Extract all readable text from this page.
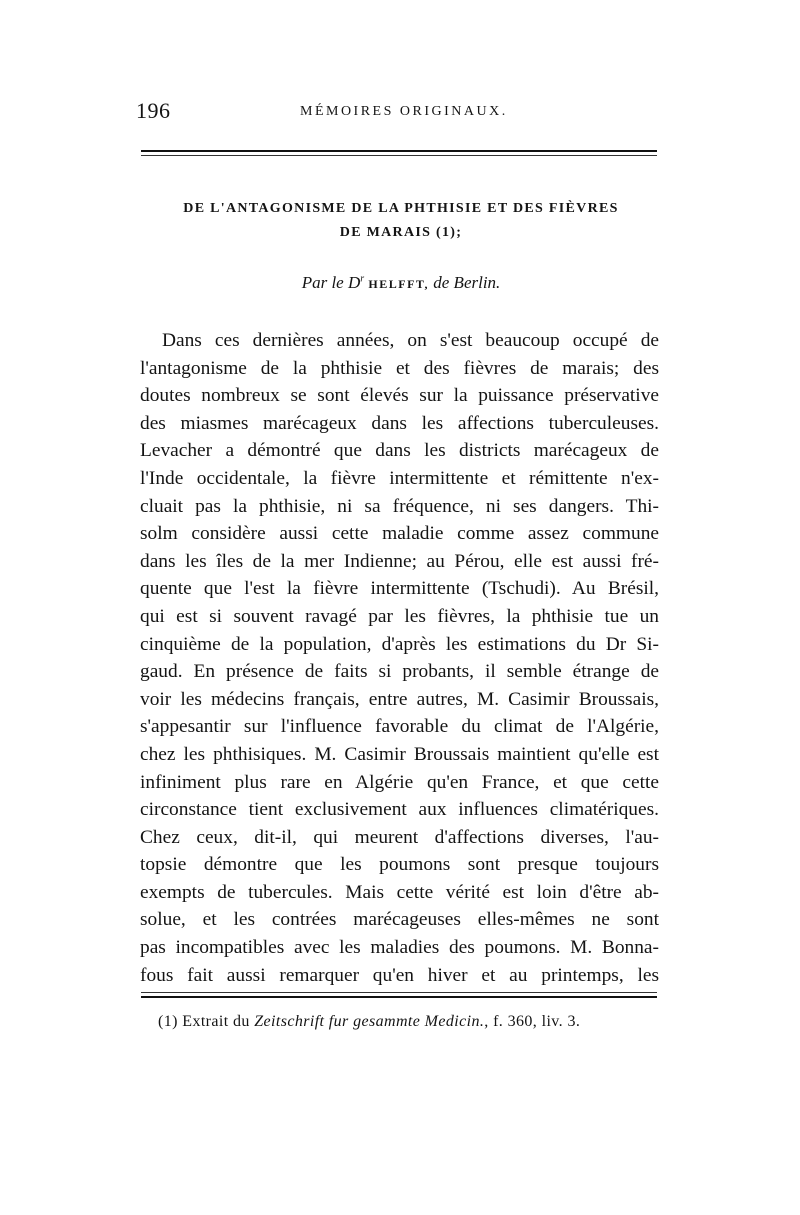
196	MÉMOIRES ORIGINAUX.
DE L'ANTAGONISME DE LA PHTHISIE ET DES FIÈVRES
DE MARAIS (1);
Par le $D^r$ HELFFT, de Berlin.
Dans ces dernières années, on s'est beaucoup occupé de
l'antagonisme de la phthisie et des fièvres de marais; des
doutes nombreux se sont élevés sur la puissance préservative
des miasmes marécageux dans les affections tuberculeuses.
Levacher a démontré que dans les districts marécageux de
l'Inde occidentale, la fièvre intermittente et rémittente n'ex-
cluait pas la phthisie, ni sa fréquence, ni ses dangers. Thi-
solm considère aussi cette maladie comme assez commune
dans les îles de la mer Indienne; au Pérou, elle est aussi fré-
quente que l'est la fièvre intermittente (Tschudi). Au Brésil,
qui est si souvent ravagé par les fièvres, la phthisie tue un
cinquième de la population, d'après les estimations du Dr Si-
gaud. En présence de faits si probants, il semble étrange de
voir les médecins français, entre autres, M. Casimir Broussais,
s'appesantir sur l'influence favorable du climat de l'Algérie,
chez les phthisiques. M. Casimir Broussais maintient qu'elle est
infiniment plus rare en Algérie qu'en France, et que cette
circonstance tient exclusivement aux influences climatériques.
Chez ceux, dit-il, qui meurent d'affections diverses, l'au-
topsie démontre que les poumons sont presque toujours
exempts de tubercules. Mais cette vérité est loin d'être ab-
solue, et les contrées marécageuses elles-mêmes ne sont
pas incompatibles avec les maladies des poumons. M. Bonna-
fous fait aussi remarquer qu'en hiver et au printemps, les
(1) Extrait du Zeitschrift fur gesammte Medicin., f. 360, liv. 3.
